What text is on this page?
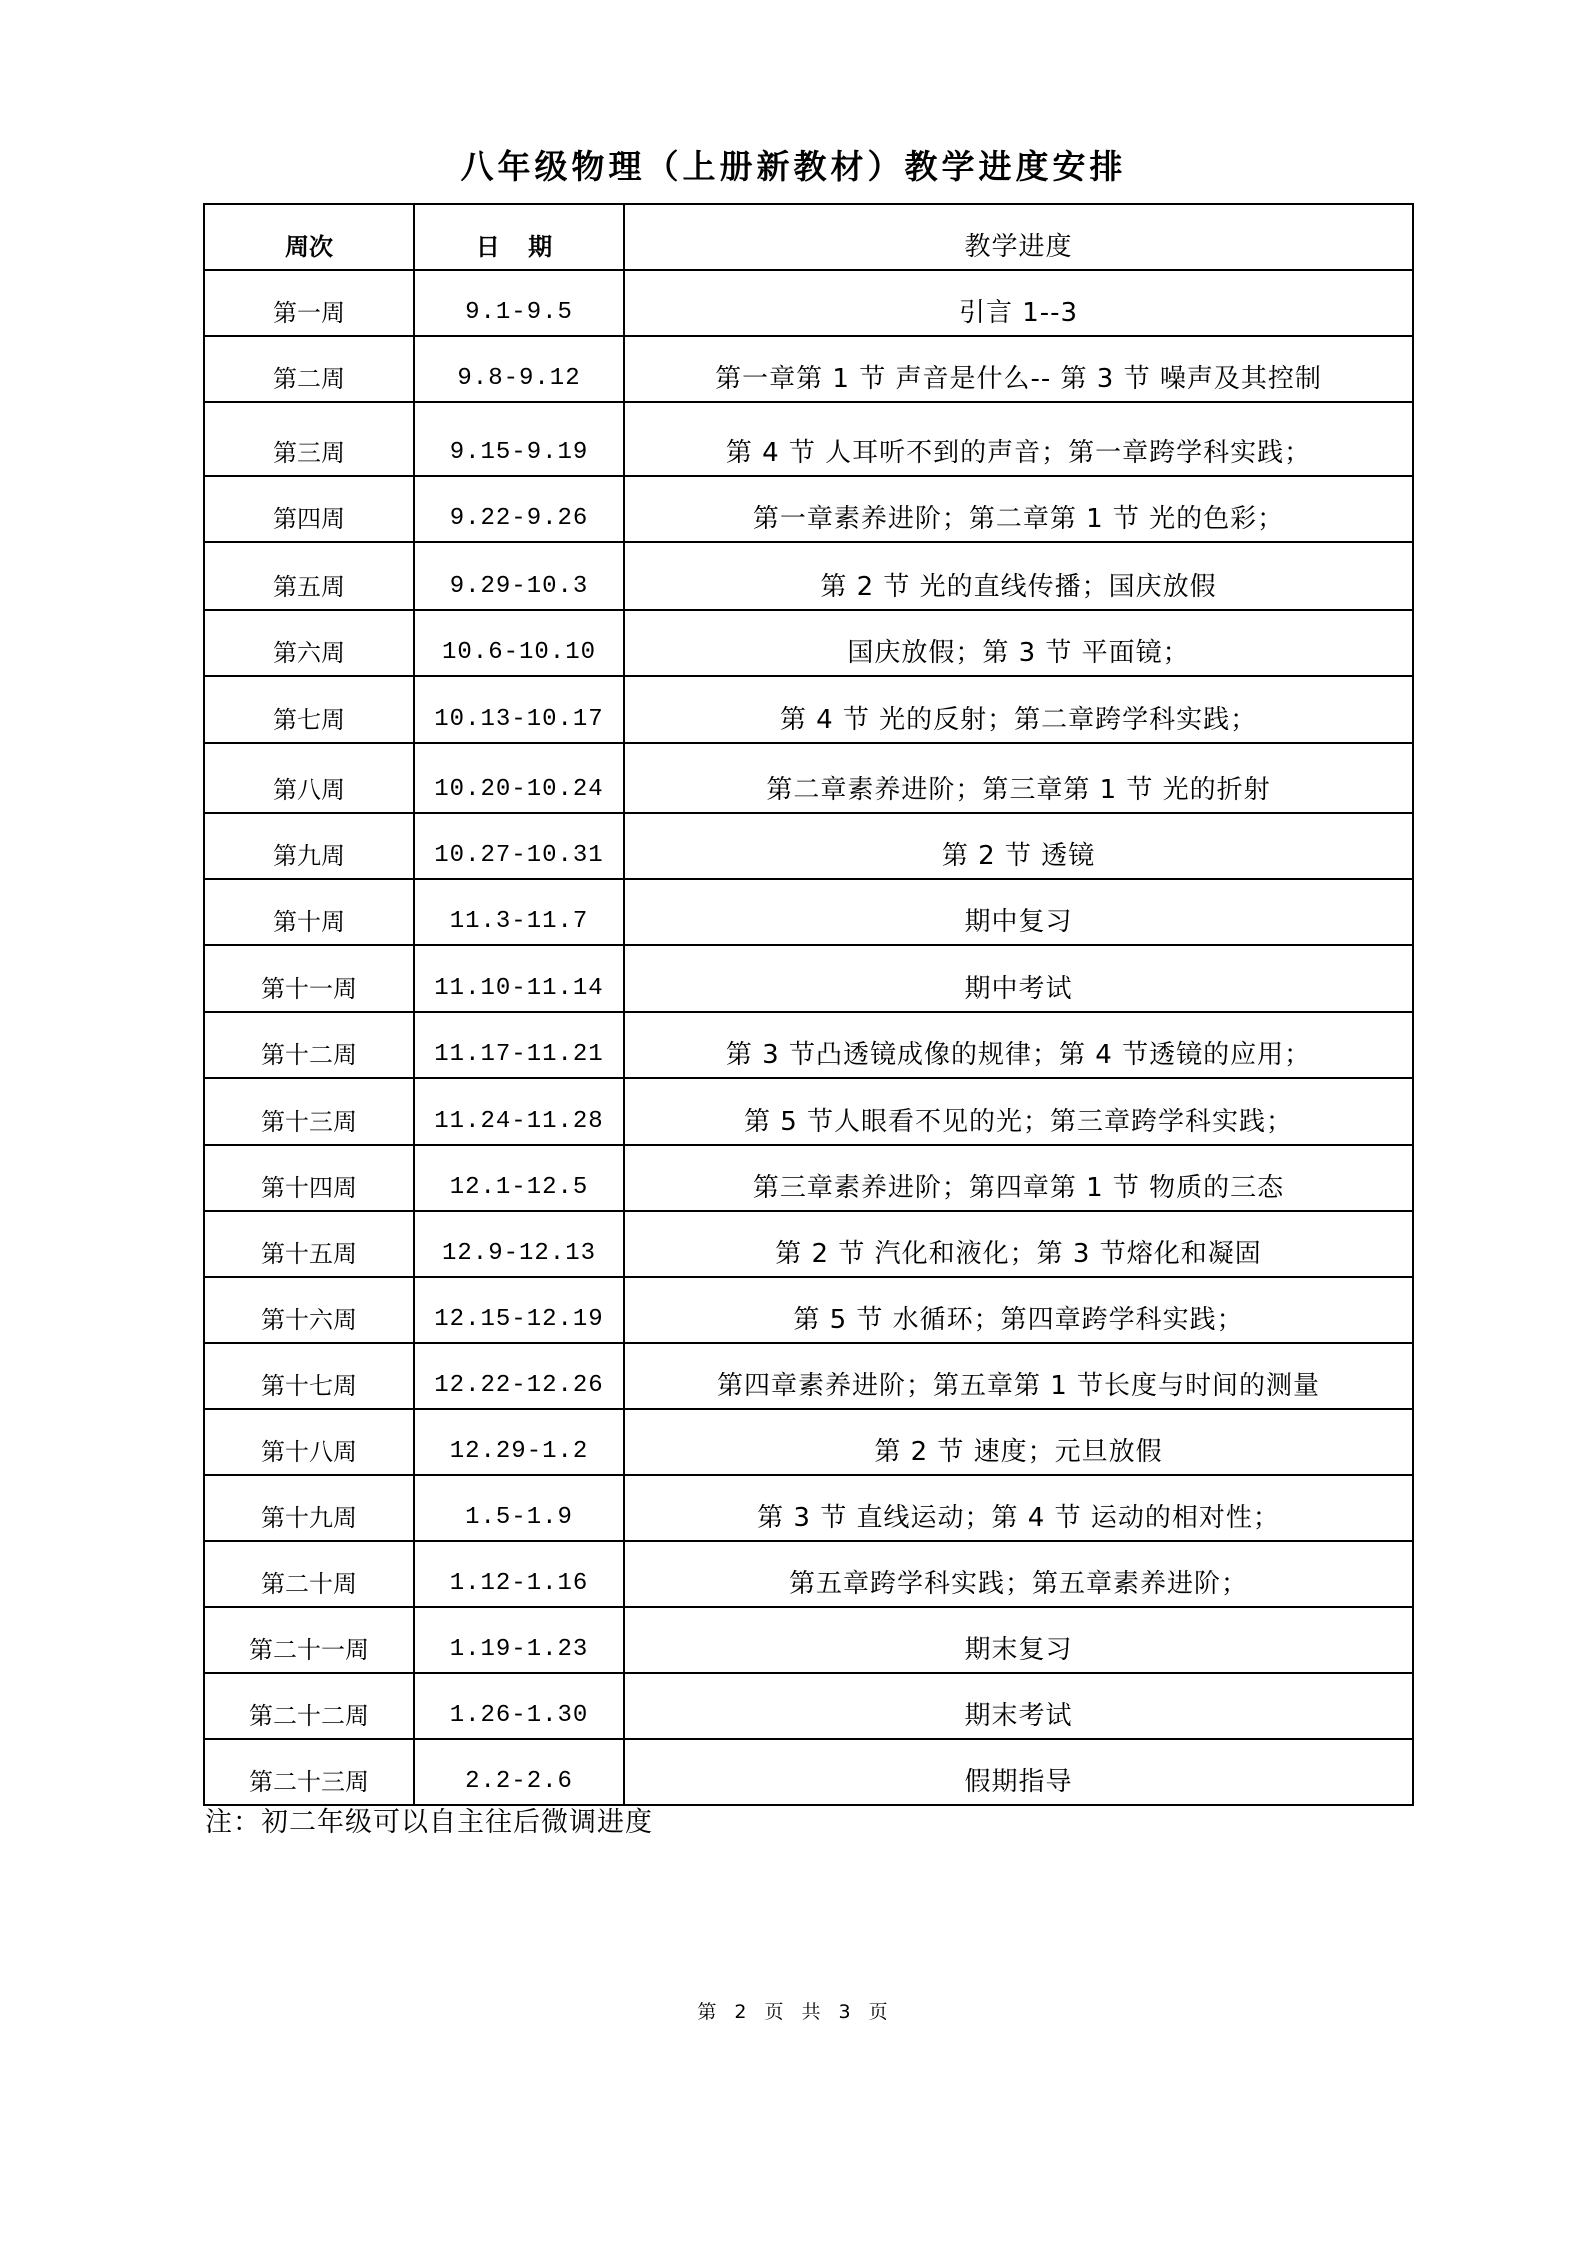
八年级物理（上册新教材）教学进度安排
周次	日 期	教学进度
第一周	9.1-9.5	引言 1--3
第二周	9.8-9.12	第一章第 1 节 声音是什么-- 第 3 节 噪声及其控制
第三周	9.15-9.19	第 4 节 人耳听不到的声音；第一章跨学科实践；
第四周	9.22-9.26	第一章素养进阶；第二章第 1 节 光的色彩；
第五周	9.29-10.3	第 2 节 光的直线传播；国庆放假
第六周	10.6-10.10	国庆放假；第 3 节 平面镜；
第七周	10.13-10.17	第 4 节 光的反射；第二章跨学科实践；
第八周	10.20-10.24	第二章素养进阶；第三章第 1 节 光的折射
第九周	10.27-10.31	第 2 节 透镜
第十周	11.3-11.7	期中复习
第十一周	11.10-11.14	期中考试
第十二周	11.17-11.21	第 3 节凸透镜成像的规律；第 4 节透镜的应用；
第十三周	11.24-11.28	第 5 节人眼看不见的光；第三章跨学科实践；
第十四周	12.1-12.5	第三章素养进阶；第四章第 1 节 物质的三态
第十五周	12.9-12.13	第 2 节 汽化和液化；第 3 节熔化和凝固
第十六周	12.15-12.19	第 5 节 水循环；第四章跨学科实践；
第十七周	12.22-12.26	第四章素养进阶；第五章第 1 节长度与时间的测量
第十八周	12.29-1.2	第 2 节 速度；元旦放假
第十九周	1.5-1.9	第 3 节 直线运动；第 4 节 运动的相对性；
第二十周	1.12-1.16	第五章跨学科实践；第五章素养进阶；
第二十一周	1.19-1.23	期末复习
第二十二周	1.26-1.30	期末考试
第二十三周	2.2-2.6	假期指导
注：初二年级可以自主往后微调进度
第 2 页 共 3 页
